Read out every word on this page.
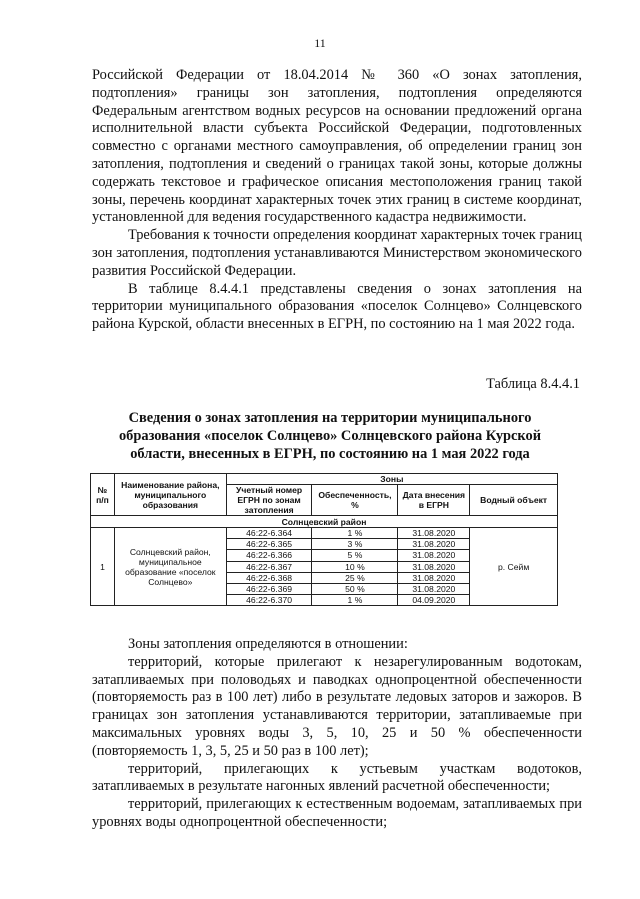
11

Российской Федерации от 18.04.2014 № 360 «О зонах затопления, подтопления» границы зон затопления, подтопления определяются Федеральным агентством водных ресурсов на основании предложений органа исполнительной власти субъекта Российской Федерации, подготовленных совместно с органами местного самоуправления, об определении границ зон затопления, подтопления и сведений о границах такой зоны, которые должны содержать текстовое и графическое описания местоположения границ такой зоны, перечень координат характерных точек этих границ в системе координат, установленной для ведения государственного кадастра недвижимости.

Требования к точности определения координат характерных точек границ зон затопления, подтопления устанавливаются Министерством экономического развития Российской Федерации.

В таблице 8.4.4.1 представлены сведения о зонах затопления на территории муниципального образования «поселок Солнцево» Солнцевского района Курской, области внесенных в ЕГРН, по состоянию на 1 мая 2022 года.

Таблица 8.4.4.1
Сведения о зонах затопления на территории муниципального образования «поселок Солнцево» Солнцевского района Курской области, внесенных в ЕГРН, по состоянию на 1 мая 2022 года
№ п/п	Наименование района, муниципального образования	Зоны			
		Учетный номер ЕГРН по зонам затопления	Обеспеченность, %	Дата внесения в ЕГРН	Водный объект
Солнцевский район					
1	Солнцевский район, муниципальное образование «поселок Солнцево»	46:22-6.364	1 %	31.08.2020	р. Сейм
		46:22-6.365	3 %	31.08.2020	
		46:22-6.366	5 %	31.08.2020	
		46:22-6.367	10 %	31.08.2020	
		46:22-6.368	25 %	31.08.2020	
		46:22-6.369	50 %	31.08.2020	
		46:22-6.370	1 %	04.09.2020	

Зоны затопления определяются в отношении:

территорий, которые прилегают к незарегулированным водотокам, затапливаемых при половодьях и паводках однопроцентной обеспеченности (повторяемость раз в 100 лет) либо в результате ледовых заторов и зажоров. В границах зон затопления устанавливаются территории, затапливаемые при максимальных уровнях воды 3, 5, 10, 25 и 50 % обеспеченности (повторяемость 1, 3, 5, 25 и 50 раз в 100 лет);

территорий, прилегающих к устьевым участкам водотоков, затапливаемых в результате нагонных явлений расчетной обеспеченности;

территорий, прилегающих к естественным водоемам, затапливаемых при уровнях воды однопроцентной обеспеченности;
